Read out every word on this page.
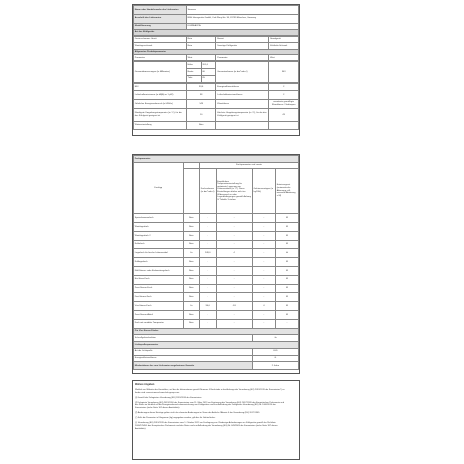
Name oder Handelsmarke des Lieferanten	Siemens
Anschrift des Lieferanten	BSH Hausgeräte GmbH, Carl-Wery-Str. 34, 81739 München, Germany
Modellkennung	KG39EAXCA
Art des Kühlgeräts	
Geräuscharmes Gerät	Nein	Bauart	Standgerät
Weinlagerschrank	Nein	Sonstige Kühlgeräte	Kühlteile-Schrank
Allgemeine Produktparameter			
Parameter	Wert	Parameter	Wert
Gesamtabmessungen (in Millimeter)	Höhe	201,0	Gesamtvolumen (in dm³ oder l)	343
	Breite	60		
	Tiefe	65		
EEI	93,6	Energieeffizienzklasse	C
Luftschallemissionen (in dB(A) re 1 pW)	38	Luftschallemissionsklasse	C
Jährlicher Energieverbrauch (in kWh/a)	149	Klimaklasse	erweiterte gemäßigte Klimaklasse / Subtropen
Niedrigste Umgebungstemperatur (in °C), für die das Kühlgerät geeignet ist	10	Höchste Umgebungstemperatur (in °C), für die das Kühlgerät geeignet ist	43
Wintereinstellung	Nein		
Fachparameter					
Fachtyp		Fachparameter und -werte			
		Fachvolumen (in dm³ oder l)	Empfohlene Temperatureinstellung für optimierte Lagerung von Lebensmitteln (in °C). Diese Einstellungen dürfen nicht im Widerspruch zu den Lagerbedingungen gemäß Anhang IV Tabelle 3 stehen	Gefriervermögen (in kg/24h)	Enteisungsart (automatische Abtauung = A, manuelle Abtauung = M)
Speisekammerfach	Nein	-	-	-	M
Weinlagerfach	Nein	-	-	-	M
Weinlagerfach 2	Nein	-	-	-	M
Kellerfach	Nein	-	-	-	M
Lagerfach für frische Lebensmittel	Ja	249,0	4	-	A
Kaltlagerfach	Nein	-	-	-	M
Null-Sterne- oder Eisbereitungsfach	Nein	-	-	-	M
Ein-Stern-Fach	Nein	-	-	-	M
Zwei-Sterne-Fach	Nein	-	-	-	M
Drei-Sterne-Fach	Nein	-	-	-	M
Vier-Sterne-Fach	Ja	94,0	-18	4	M
Zwei-Sterne-Abteil	Nein	-	-	-	M
Fach mit variabler Temperatur	Nein	-	-	-	-
Für Vier-Sterne-Fächer					
Schnellgefrierfunktion				Ja	
Lichtquellenparameter					
Art der Lichtquelle				LED	
Energieeffizienzklasse				G	
Mindestdauer der vom Lieferanten angebotenen Garantie				2 Jahre	
Weitere Angaben
Weblink zur Website des Herstellers, auf der die Informationen gemäß Nummer 4 Buchstabe a des Anhangs der Verordnung (EU) 2019/2019 der Kommission*) zu finden sind: www.siemens-home.bsh-group.com
(¹) Gemäß der Delegierten Verordnung (EU) 2019/2016 der Kommission
(²) Delegierte Verordnung (EU) 2019/2016 der Kommission vom 11. März 2019 zur Ergänzung der Verordnung (EU) 2017/1369 des Europäischen Parlaments und des Rates im Hinblick auf die Energieverbrauchskennzeichnung von Kühlgeräten und zur Aufhebung der Delegierten Verordnung (EU) Nr. 1060/2010 der Kommission (siehe Seite 102 dieses Amtsblatts).
(³) Änderungen dieser Einträge gelten nicht als relevante Änderungen im Sinne des Artikels 4 Absatz 4 der Verordnung (EU) 2017/1369.
(⁴) Falls die Parameter in Kilogramm (kg) angegeben werden, gilt dies für Gefrierfächer.
(⁵) Verordnung (EU) 2019/2019 der Kommission vom 1. Oktober 2019 zur Festlegung von Ökodesign-Anforderungen an Kühlgeräte gemäß der Richtlinie 2009/125/EG des Europäischen Parlaments und des Rates und zur Aufhebung der Verordnung (EG) Nr. 643/2009 der Kommission (siehe Seite 187 dieses Amtsblatts).
